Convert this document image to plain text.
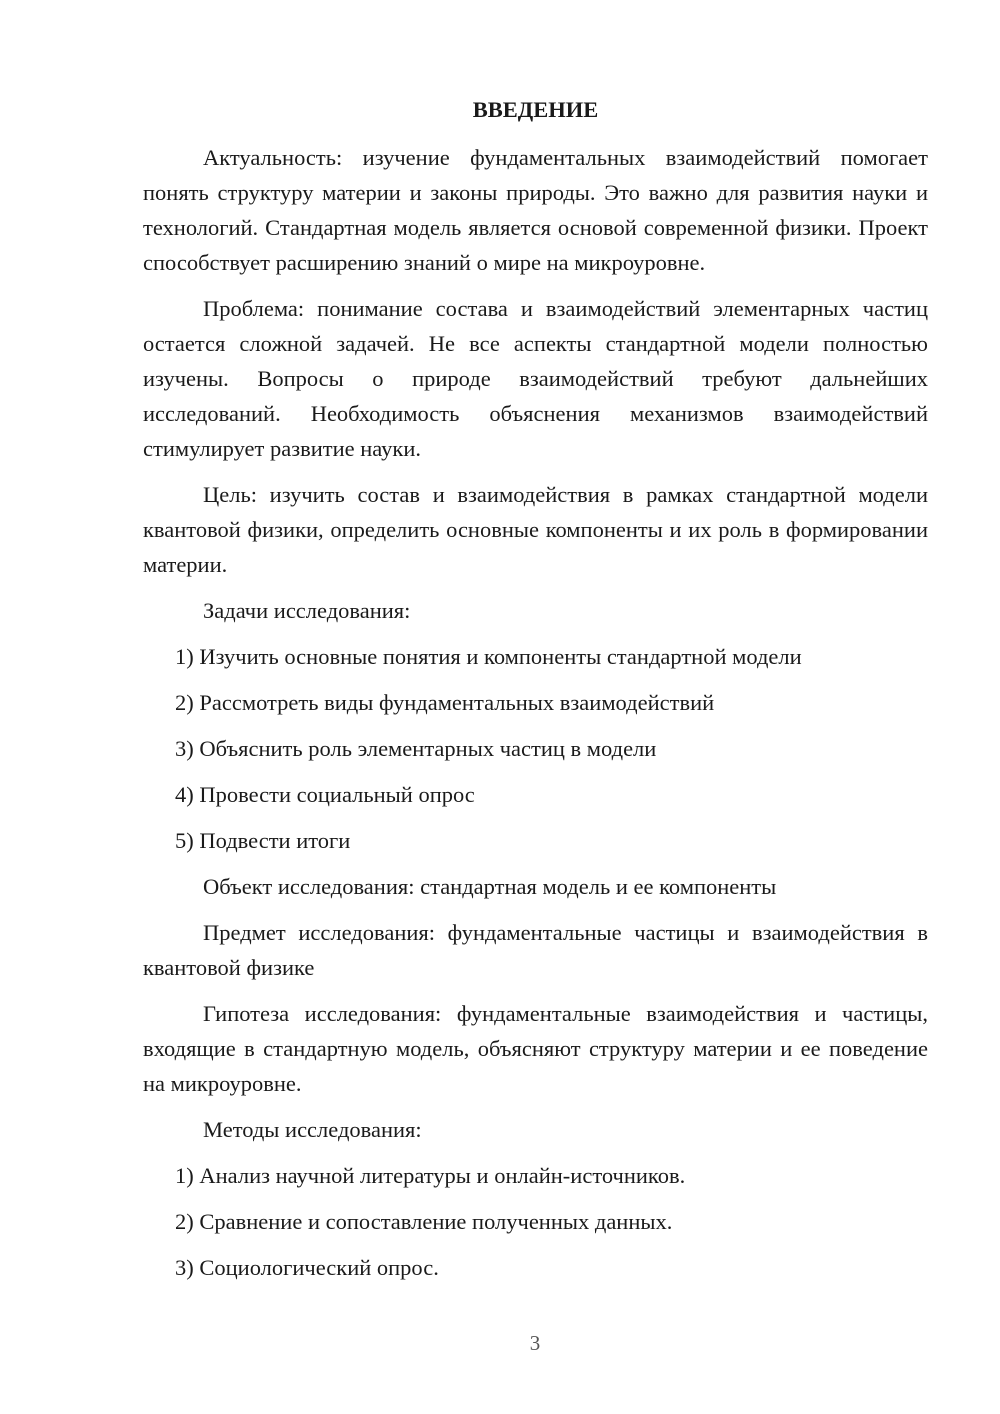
ВВЕДЕНИЕ

Актуальность: изучение фундаментальных взаимодействий помогает понять структуру материи и законы природы. Это важно для развития науки и технологий. Стандартная модель является основой современной физики. Проект способствует расширению знаний о мире на микроуровне.

Проблема: понимание состава и взаимодействий элементарных частиц остается сложной задачей. Не все аспекты стандартной модели полностью изучены. Вопросы о природе взаимодействий требуют дальнейших исследований. Необходимость объяснения механизмов взаимодействий стимулирует развитие науки.

Цель: изучить состав и взаимодействия в рамках стандартной модели квантовой физики, определить основные компоненты и их роль в формировании материи.

Задачи исследования:

1) Изучить основные понятия и компоненты стандартной модели
2) Рассмотреть виды фундаментальных взаимодействий
3) Объяснить роль элементарных частиц в модели
4) Провести социальный опрос
5) Подвести итоги

Объект исследования: стандартная модель и ее компоненты

Предмет исследования: фундаментальные частицы и взаимодействия в квантовой физике

Гипотеза исследования: фундаментальные взаимодействия и частицы, входящие в стандартную модель, объясняют структуру материи и ее поведение на микроуровне.

Методы исследования:

1) Анализ научной литературы и онлайн-источников.
2) Сравнение и сопоставление полученных данных.
3) Социологический опрос.
3
